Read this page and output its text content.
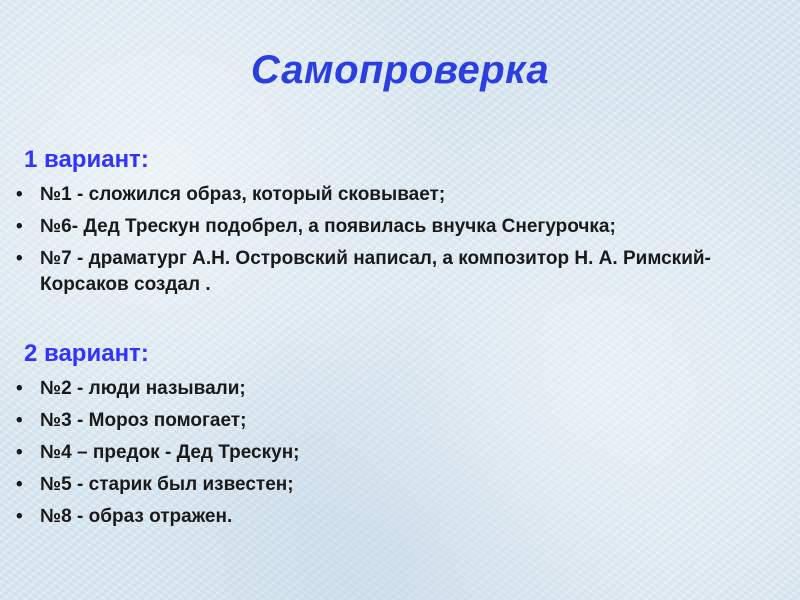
Самопроверка
1 вариант:
• №1 - сложился образ, который сковывает;
• №6- Дед Трескун подобрел, а появилась внучка Снегурочка;
• №7 - драматург А.Н. Островский написал, а композитор Н. А. Римский-Корсаков создал .
2 вариант:
• №2 - люди называли;
• №3 - Мороз помогает;
• №4 – предок - Дед Трескун;
• №5 - старик был известен;
• №8 - образ отражен.
